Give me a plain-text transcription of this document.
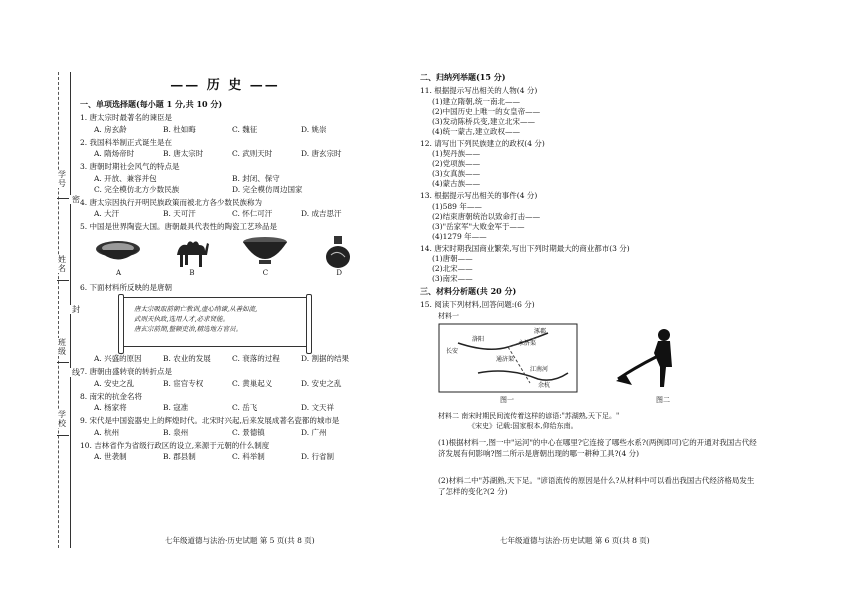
学号
姓名
班级
学校
密
封
线
—— 历 史 ——
一、单项选择题(每小题 1 分,共 10 分)
1. 唐太宗时最著名的谏臣是
A. 房玄龄	B. 杜如晦	C. 魏征	D. 姚崇
2. 我国科举制正式诞生是在
A. 隋炀帝时	B. 唐太宗时	C. 武则天时	D. 唐玄宗时
3. 唐朝时期社会风气的特点是
A. 开放、兼容并包	B. 封闭、保守
C. 完全模仿北方少数民族	D. 完全模仿周边国家
4. 唐太宗因执行开明民族政策而被北方各少数民族称为
A. 大汗	B. 天可汗	C. 怀仁可汗	D. 成吉思汗
5. 中国是世界陶瓷大国。唐朝最具代表性的陶瓷工艺珍品是
A	B	C	D
6. 下面材料所反映的是唐朝
唐太宗吸取前朝亡教训,虚心纳谏,从善如流,
武则天执政,选用人才,必求贤能。
唐玄宗前期,整顿吏治,精选地方官员。
A. 兴盛的原因	B. 农业的发展	C. 衰落的过程	D. 割据的结果
7. 唐朝由盛转衰的转折点是
A. 安史之乱	B. 宦官专权	C. 黄巢起义	D. 安史之乱
8. 南宋的抗金名将
A. 杨家将	B. 寇准	C. 岳飞	D. 文天祥
9. 宋代是中国瓷器史上的辉煌时代。北宋时兴起,后来发展成著名瓷都的城市是
A. 杭州	B. 泉州	C. 景德镇	D. 广州
10. 吉林省作为省级行政区的设立,来源于元朝的什么制度
A. 世袭制	B. 郡县制	C. 科举制	D. 行省制
七年级道德与法治·历史试题 第 5 页(共 8 页)
二、归纳列举题(15 分)
11. 根据提示写出相关的人物(4 分)
(1)建立隋朝,统一南北——
(2)中国历史上唯一的女皇帝——
(3)发动陈桥兵变,建立北宋——
(4)统一蒙古,建立政权——
12. 请写出下列民族建立的政权(4 分)
(1)契丹族——
(2)党项族——
(3)女真族——
(4)蒙古族——
13. 根据提示写出相关的事件(4 分)
(1)589 年——
(2)结束唐朝统治以致命打击——
(3)"岳家军"大败金军于——
(4)1279 年——
14. 唐宋时期我国商业繁荣,写出下列时期最大的商业都市(3 分)
(1)唐朝——
(2)北宋——
(3)南宋——
三、材料分析题(共 20 分)
15. 阅读下列材料,回答问题:(6 分)
材料一
洛阳
涿郡
永济渠
通济渠
江南河
余杭
长安
图一	图二
材料二 南宋时期民间流传着这样的谚语:"苏湖熟,天下足。"
《宋史》记载:国家根本,仰给东南。
(1)根据材料一,图一中"运河"的中心在哪里?它连接了哪些水系?(两例即可)它的开通对我国古代经济发展有何影响?图二所示是唐朝出现的哪一耕种工具?(4 分)
(2)材料二中"苏湖熟,天下足。"谚语流传的原因是什么?从材料中可以看出我国古代经济格局发生了怎样的变化?(2 分)
七年级道德与法治·历史试题 第 6 页(共 8 页)
